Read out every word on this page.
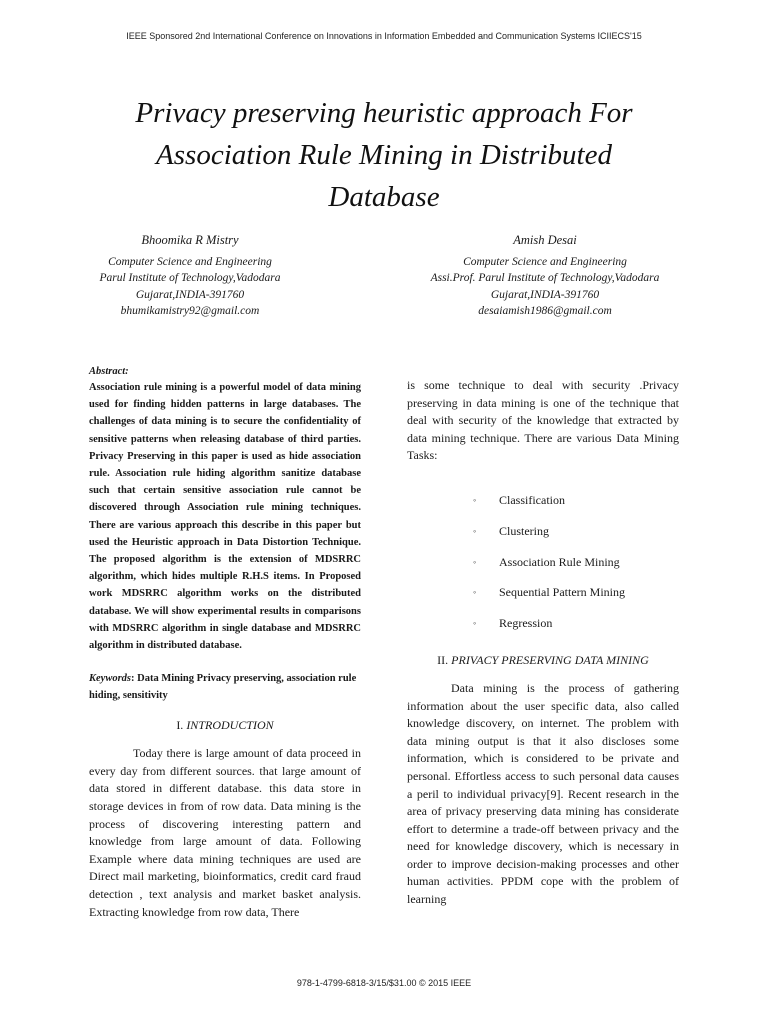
IEEE Sponsored 2nd International Conference on Innovations in Information Embedded and Communication Systems ICIIECS'15
Privacy preserving heuristic approach For
Association Rule Mining in Distributed
Database
Bhoomika R Mistry
Computer Science and Engineering
Parul Institute of Technology,Vadodara
Gujarat,INDIA-391760
bhumikamistry92@gmail.com
Amish Desai
Computer Science and Engineering
Assi.Prof. Parul Institute of Technology,Vadodara
Gujarat,INDIA-391760
desaiamish1986@gmail.com

Abstract:

Association rule mining is a powerful model of data mining used for finding hidden patterns in large databases. The challenges of data mining is to secure the confidentiality of sensitive patterns when releasing database of third parties. Privacy Preserving in this paper is used as hide association rule. Association rule hiding algorithm sanitize database such that certain sensitive association rule cannot be discovered through Association rule mining techniques. There are various approach this describe in this paper but used the Heuristic approach in Data Distortion Technique. The proposed algorithm is the extension of MDSRRC algorithm, which hides multiple R.H.S items. In Proposed work MDSRRC algorithm works on the distributed database. We will show experimental results in comparisons with MDSRRC algorithm in single database and MDSRRC algorithm in distributed database.

Keywords: Data Mining Privacy preserving, association rule hiding, sensitivity

I. INTRODUCTION

Today there is large amount of data proceed in every day from different sources. that large amount of data stored in different database. this data store in storage devices in from of row data. Data mining is the process of discovering interesting pattern and knowledge from large amount of data. Following Example where data mining techniques are used are Direct mail marketing, bioinformatics, credit card fraud detection , text analysis and market basket analysis. Extracting knowledge from row data, There

is some technique to deal with security .Privacy preserving in data mining is one of the technique that deal with security of the knowledge that extracted by data mining technique. There are various Data Mining Tasks:

◦	Classification
◦	Clustering
◦	Association Rule Mining
◦	Sequential Pattern Mining
◦	Regression
II. PRIVACY PRESERVING DATA MINING

Data mining is the process of gathering information about the user specific data, also called knowledge discovery, on internet. The problem with data mining output is that it also discloses some information, which is considered to be private and personal. Effortless access to such personal data causes a peril to individual privacy[9]. Recent research in the area of privacy preserving data mining has considerate effort to determine a trade-off between privacy and the need for knowledge discovery, which is necessary in order to improve decision-making processes and other human activities. PPDM cope with the problem of learning

978-1-4799-6818-3/15/$31.00 © 2015 IEEE
